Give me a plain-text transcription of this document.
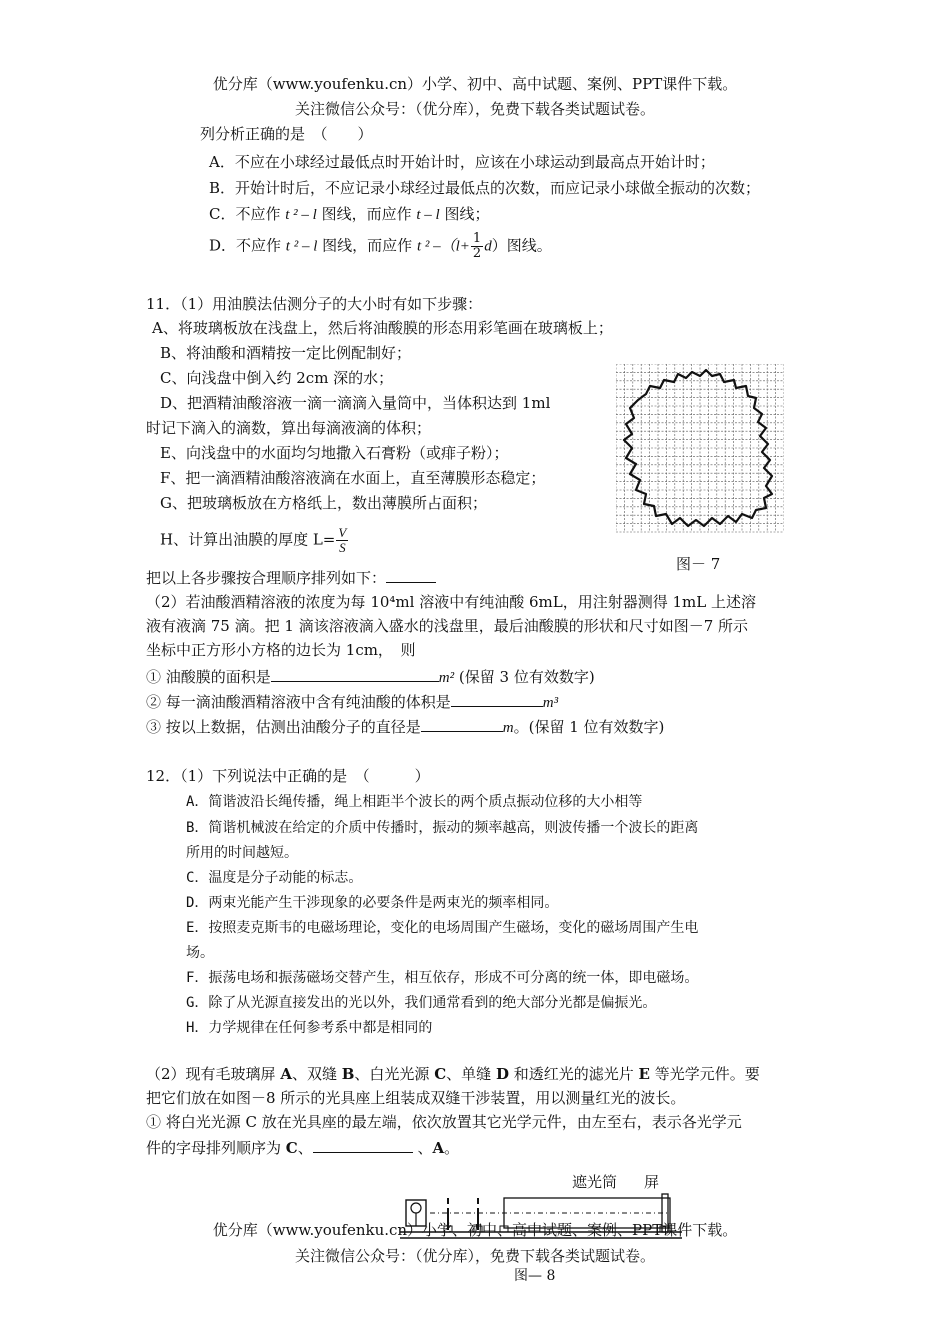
优分库（www.youfenku.cn）小学、初中、高中试题、案例、PPT课件下载。
关注微信公众号：（优分库），免费下载各类试题试卷。
列分析正确的是　（　　）
A．不应在小球经过最低点时开始计时，应该在小球运动到最高点开始计时；
B．开始计时后，不应记录小球经过最低点的次数，而应记录小球做全振动的次数；
C．不应作 t ² – l 图线，而应作 t – l 图线；
D．不应作 t ² – l 图线，而应作 t ² $-(l+ \frac{1}{2} d)$图线。
11．（1）用油膜法估测分子的大小时有如下步骤：
A、将玻璃板放在浅盘上，然后将油酸膜的形态用彩笔画在玻璃板上；
B、将油酸和酒精按一定比例配制好；
C、向浅盘中倒入约 2cm 深的水；
D、把酒精油酸溶液一滴一滴滴入量筒中，当体积达到 1ml
时记下滴入的滴数，算出每滴液滴的体积；
E、向浅盘中的水面均匀地撒入石膏粉（或痱子粉）；
F、把一滴酒精油酸溶液滴在水面上，直至薄膜形态稳定；
G、把玻璃板放在方格纸上，数出薄膜所占面积；
H、计算出油膜的厚度 $L= \frac{V}{S}$
图－ 7
把以上各步骤按合理顺序排列如下：
（2）若油酸酒精溶液的浓度为每 10⁴ml 溶液中有纯油酸 6mL，用注射器测得 1mL 上述溶
液有液滴 75 滴。把 1 滴该溶液滴入盛水的浅盘里，最后油酸膜的形状和尺寸如图－7 所示
坐标中正方形小方格的边长为 1cm，　则
① 油酸膜的面积是	m² (保留 3 位有效数字)
② 每一滴油酸酒精溶液中含有纯油酸的体积是	m³
③ 按以上数据，估测出油酸分子的直径是	m。(保留 1 位有效数字)
12．（1）下列说法中正确的是　（　　　）
A．简谐波沿长绳传播，绳上相距半个波长的两个质点振动位移的大小相等
B．简谐机械波在给定的介质中传播时，振动的频率越高，则波传播一个波长的距离
所用的时间越短。
C．温度是分子动能的标志。
D．两束光能产生干涉现象的必要条件是两束光的频率相同。
E．按照麦克斯韦的电磁场理论，变化的电场周围产生磁场，变化的磁场周围产生电
场。
F．振荡电场和振荡磁场交替产生，相互依存，形成不可分离的统一体，即电磁场。
G．除了从光源直接发出的光以外，我们通常看到的绝大部分光都是偏振光。
H．力学规律在任何参考系中都是相同的
（2）现有毛玻璃屏 A、双缝 B、白光光源 C、单缝 D 和透红光的滤光片 E 等光学元件。要
把它们放在如图－8 所示的光具座上组装成双缝干涉装置，用以测量红光的波长。
① 将白光光源 C 放在光具座的最左端，依次放置其它光学元件，由左至右，表示各光学元
件的字母排列顺序为 C、	、A。
遮光筒 屏
优分库（www.youfenku.cn）小学、初中、高中试题、案例、PPT课件下载。
关注微信公众号：（优分库），免费下载各类试题试卷。
图— 8
